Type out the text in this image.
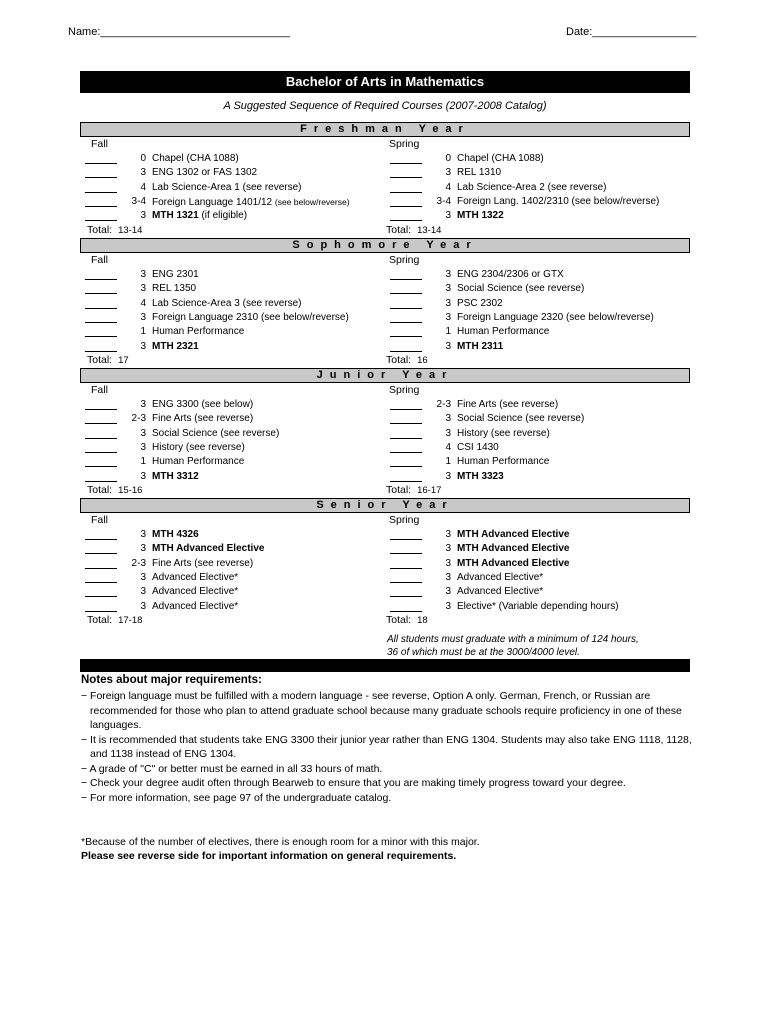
Name:_______________________________	Date:_________________
Bachelor of Arts in Mathematics
A Suggested Sequence of Required Courses (2007-2008 Catalog)
Freshman Year
Fall
0 Chapel (CHA 1088)
3 ENG 1302 or FAS 1302
4 Lab Science-Area 1 (see reverse)
3-4 Foreign Language 1401/12 (see below/reverse)
3 MTH 1321 (if eligible)
Total: 13-14
Spring
0 Chapel (CHA 1088)
3 REL 1310
4 Lab Science-Area 2 (see reverse)
3-4 Foreign Lang. 1402/2310 (see below/reverse)
3 MTH 1322
Total: 13-14
Sophomore Year
Fall
3 ENG 2301
3 REL 1350
4 Lab Science-Area 3 (see reverse)
3 Foreign Language 2310 (see below/reverse)
1 Human Performance
3 MTH 2321
Total: 17
Spring
3 ENG 2304/2306 or GTX
3 Social Science (see reverse)
3 PSC 2302
3 Foreign Language 2320 (see below/reverse)
1 Human Performance
3 MTH 2311
Total: 16
Junior Year
Fall
3 ENG 3300 (see below)
2-3 Fine Arts (see reverse)
3 Social Science (see reverse)
3 History (see reverse)
1 Human Performance
3 MTH 3312
Total: 15-16
Spring
2-3 Fine Arts (see reverse)
3 Social Science (see reverse)
3 History (see reverse)
4 CSI 1430
1 Human Performance
3 MTH 3323
Total: 16-17
Senior Year
Fall
3 MTH 4326
3 MTH Advanced Elective
2-3 Fine Arts (see reverse)
3 Advanced Elective*
3 Advanced Elective*
3 Advanced Elective*
Total: 17-18
Spring
3 MTH Advanced Elective
3 MTH Advanced Elective
3 MTH Advanced Elective
3 Advanced Elective*
3 Advanced Elective*
3 Elective* (Variable depending hours)
Total: 18
All students must graduate with a minimum of 124 hours,
36 of which must be at the 3000/4000 level.
Notes about major requirements:
− Foreign language must be fulfilled with a modern language - see reverse, Option A only. German, French, or Russian are recommended for those who plan to attend graduate school because many graduate schools require proficiency in one of these languages.
− It is recommended that students take ENG 3300 their junior year rather than ENG 1304. Students may also take ENG 1118, 1128, and 1138 instead of ENG 1304.
− A grade of "C" or better must be earned in all 33 hours of math.
− Check your degree audit often through Bearweb to ensure that you are making timely progress toward your degree.
− For more information, see page 97 of the undergraduate catalog.
*Because of the number of electives, there is enough room for a minor with this major.
Please see reverse side for important information on general requirements.
